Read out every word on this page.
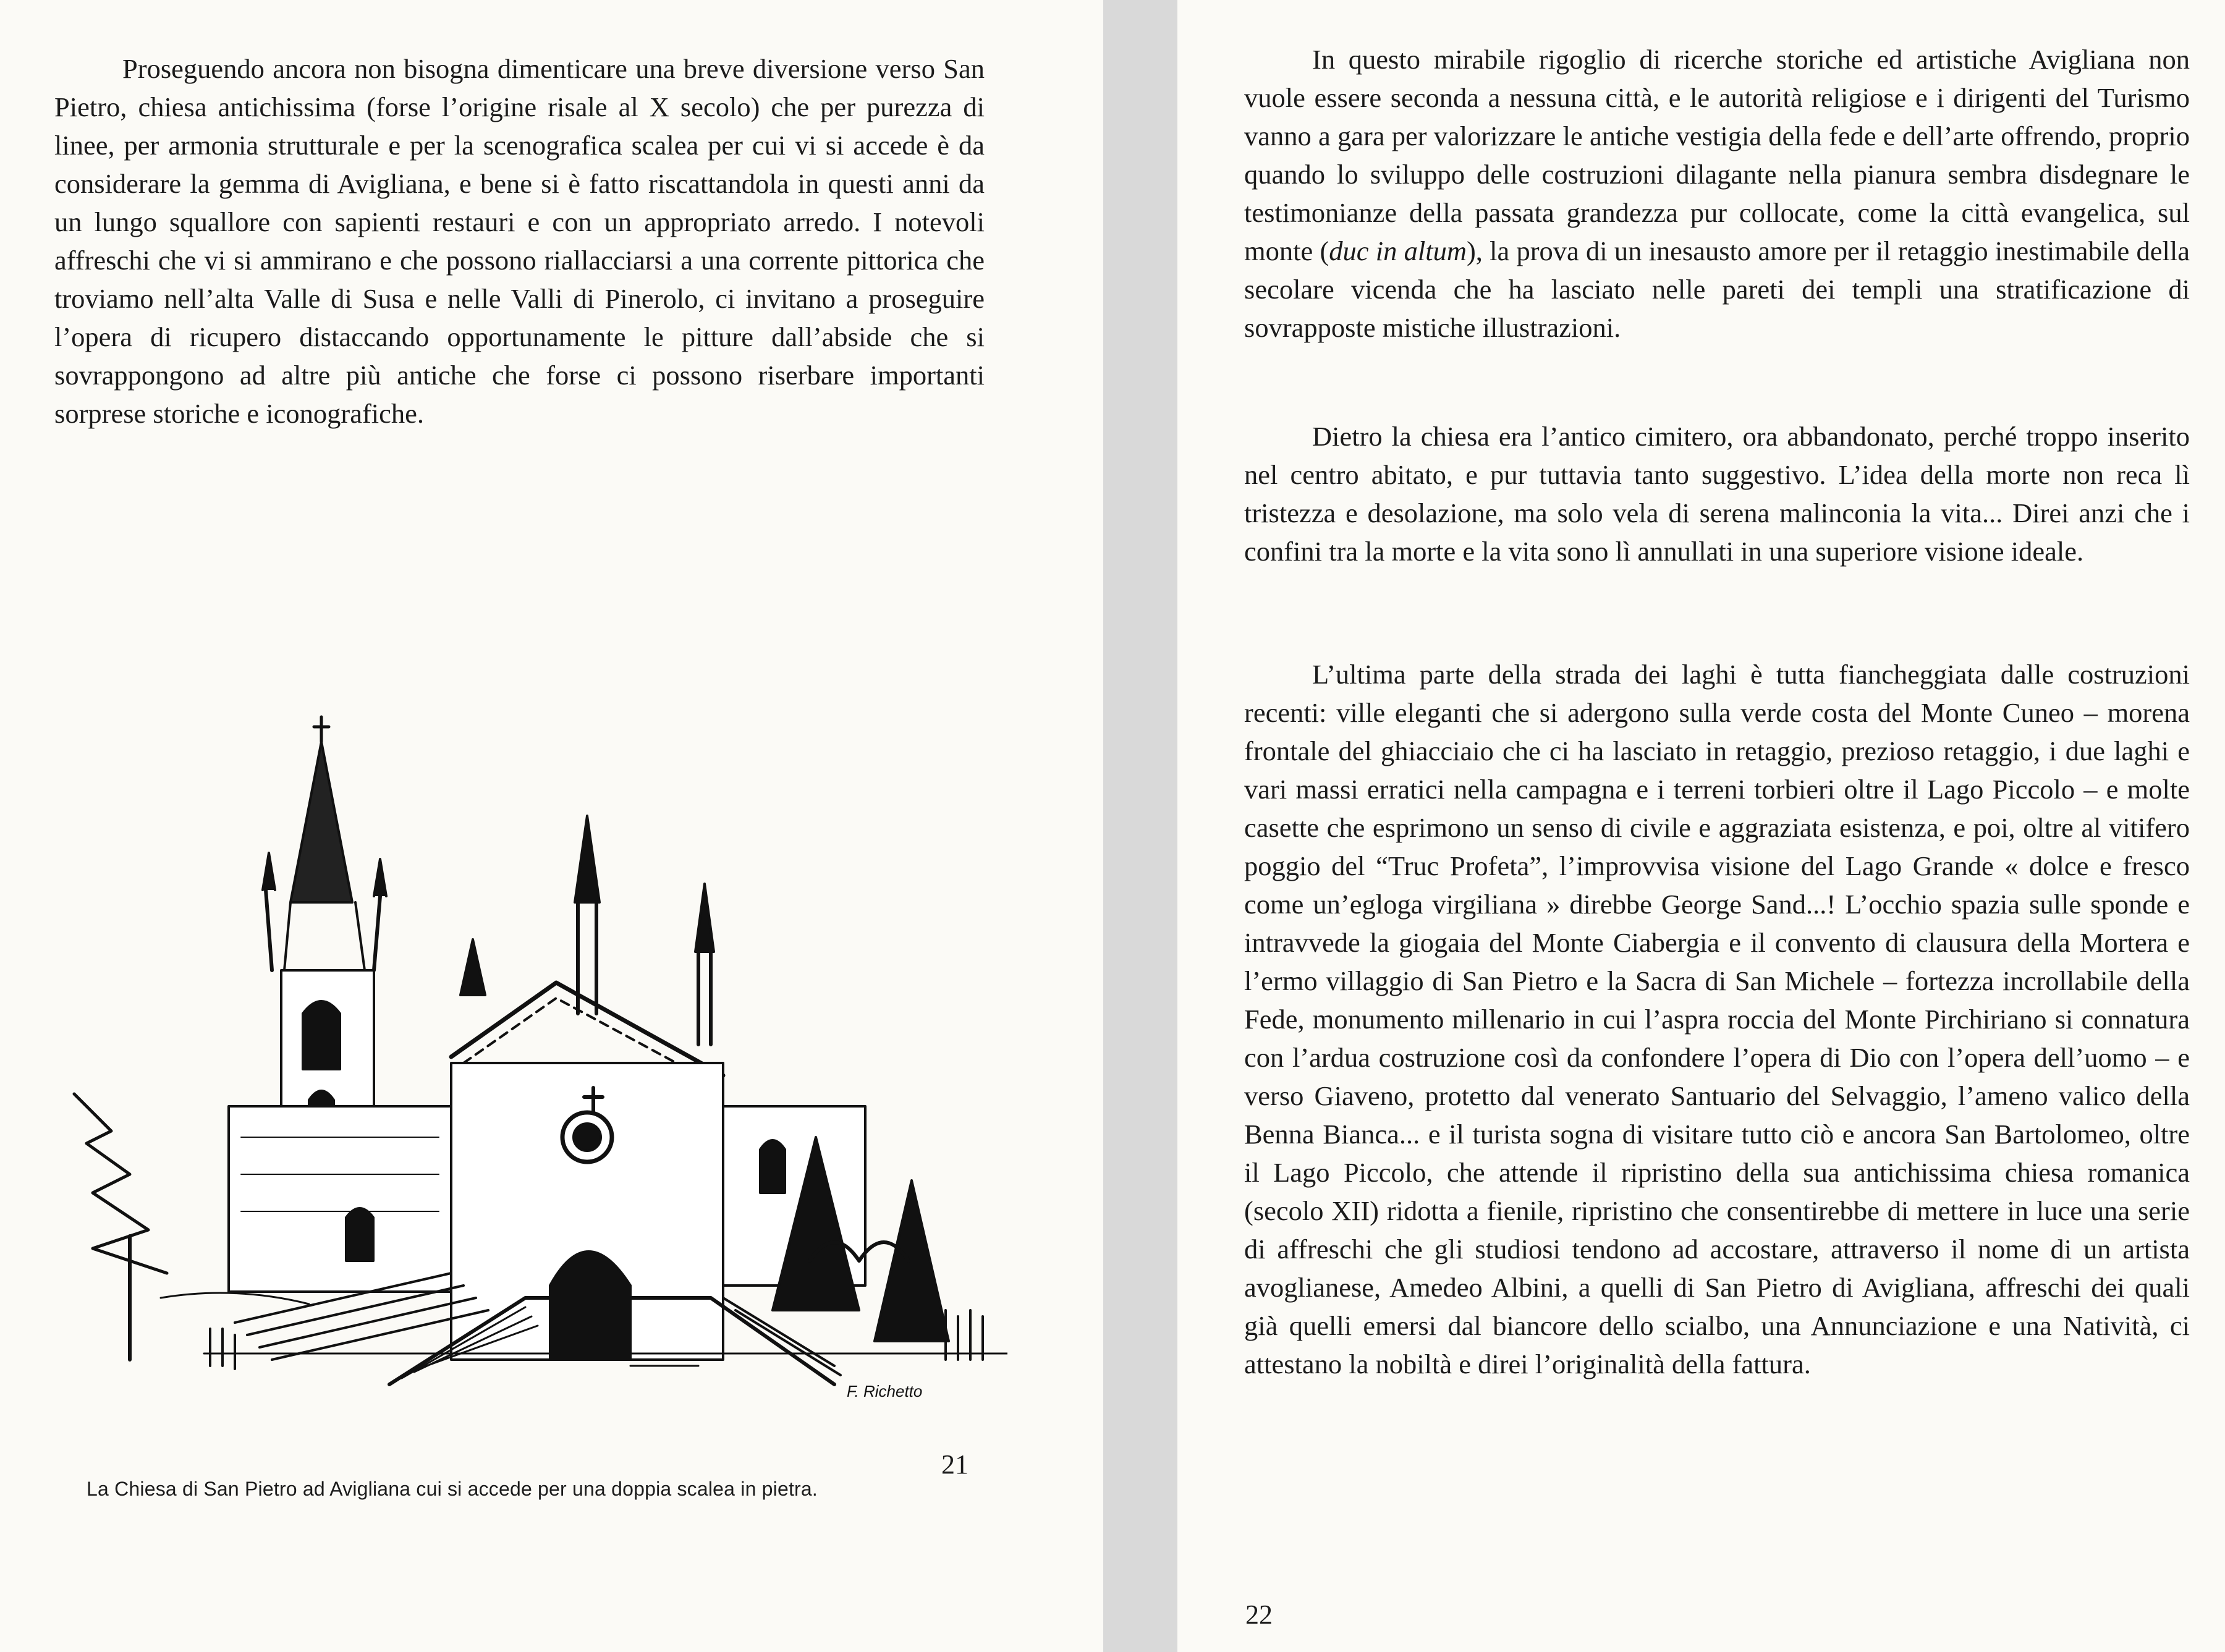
Proseguendo ancora non bisogna dimenticare una breve diversione verso San Pietro, chiesa antichissima (forse l’origine risale al X secolo) che per purezza di linee, per armonia strutturale e per la scenografica scalea per cui vi si accede è da considerare la gemma di Avigliana, e bene si è fatto riscattandola in questi anni da un lungo squallore con sapienti restauri e con un appropriato arredo. I notevoli affreschi che vi si ammirano e che possono riallacciarsi a una corrente pittorica che troviamo nell’alta Valle di Susa e nelle Valli di Pinerolo, ci invitano a proseguire l’opera di ricupero distaccando opportunamente le pitture dall’abside che si sovrappongono ad altre più antiche che forse ci possono riserbare importanti sorprese storiche e iconografiche.

F. Richetto
La Chiesa di San Pietro ad Avigliana cui si accede per una doppia scalea in pietra.
21

In questo mirabile rigoglio di ricerche storiche ed artistiche Avigliana non vuole essere seconda a nessuna città, e le autorità religiose e i dirigenti del Turismo vanno a gara per valorizzare le antiche vestigia della fede e dell’arte offrendo, proprio quando lo sviluppo delle costruzioni dilagante nella pianura sembra disdegnare le testimonianze della passata grandezza pur collocate, come la città evangelica, sul monte (duc in altum), la prova di un inesausto amore per il retaggio inestimabile della secolare vicenda che ha lasciato nelle pareti dei templi una stratificazione di sovrapposte mistiche illustrazioni.

Dietro la chiesa era l’antico cimitero, ora abbandonato, perché troppo inserito nel centro abitato, e pur tuttavia tanto suggestivo. L’idea della morte non reca lì tristezza e desolazione, ma solo vela di serena malinconia la vita... Direi anzi che i confini tra la morte e la vita sono lì annullati in una superiore visione ideale.

L’ultima parte della strada dei laghi è tutta fiancheggiata dalle costruzioni recenti: ville eleganti che si adergono sulla verde costa del Monte Cuneo – morena frontale del ghiacciaio che ci ha lasciato in retaggio, prezioso retaggio, i due laghi e vari massi erratici nella campagna e i terreni torbieri oltre il Lago Piccolo – e molte casette che esprimono un senso di civile e aggraziata esistenza, e poi, oltre al vitifero poggio del “Truc Profeta”, l’improvvisa visione del Lago Grande « dolce e fresco come un’egloga virgiliana » direbbe George Sand...! L’occhio spazia sulle sponde e intravvede la giogaia del Monte Ciabergia e il convento di clausura della Mortera e l’ermo villaggio di San Pietro e la Sacra di San Michele – fortezza incrollabile della Fede, monumento millenario in cui l’aspra roccia del Monte Pirchiriano si connatura con l’ardua costruzione così da confondere l’opera di Dio con l’opera dell’uomo – e verso Giaveno, protetto dal venerato Santuario del Selvaggio, l’ameno valico della Benna Bianca... e il turista sogna di visitare tutto ciò e ancora San Bartolomeo, oltre il Lago Piccolo, che attende il ripristino della sua antichissima chiesa romanica (secolo XII) ridotta a fienile, ripristino che consentirebbe di mettere in luce una serie di affreschi che gli studiosi tendono ad accostare, attraverso il nome di un artista avoglianese, Amedeo Albini, a quelli di San Pietro di Avigliana, affreschi dei quali già quelli emersi dal biancore dello scialbo, una Annunciazione e una Natività, ci attestano la nobiltà e direi l’originalità della fattura.

22
